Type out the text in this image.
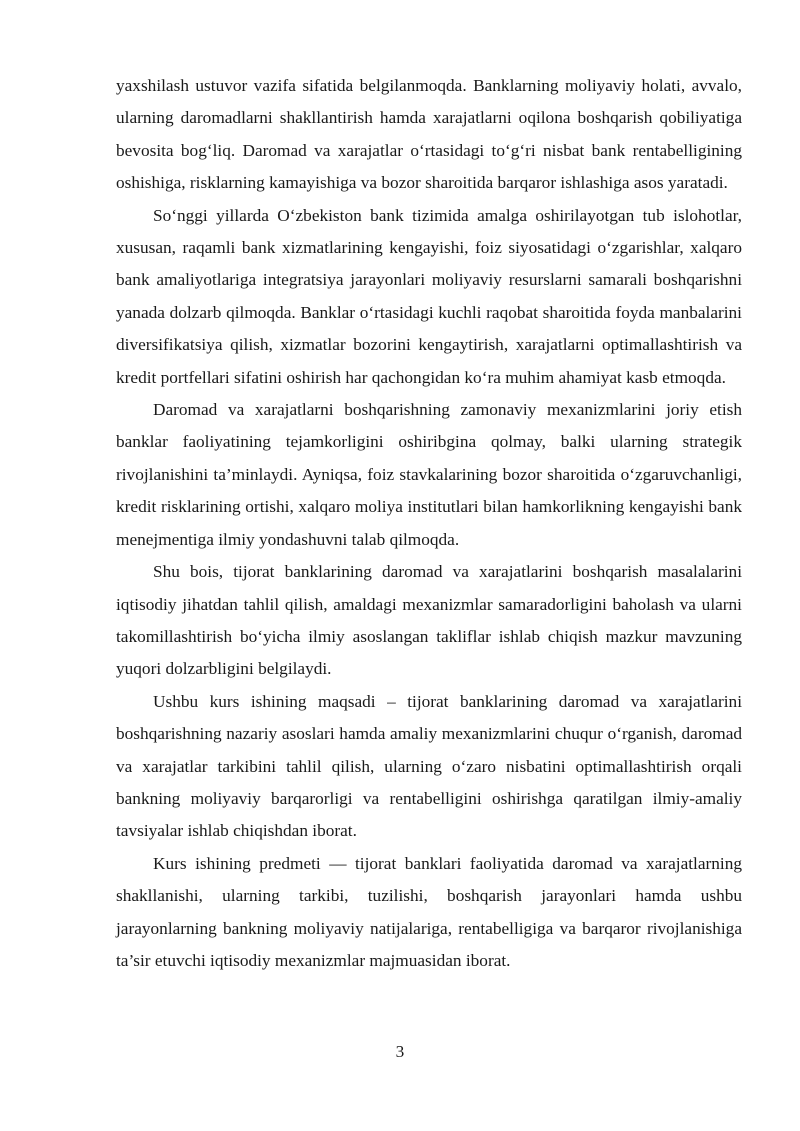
yaxshilash ustuvor vazifa sifatida belgilanmoqda. Banklarning moliyaviy holati, avvalo, ularning daromadlarni shakllantirish hamda xarajatlarni oqilona boshqarish qobiliyatiga bevosita bog‘liq. Daromad va xarajatlar o‘rtasidagi to‘g‘ri nisbat bank rentabelligining oshishiga, risklarning kamayishiga va bozor sharoitida barqaror ishlashiga asos yaratadi.

So‘nggi yillarda O‘zbekiston bank tizimida amalga oshirilayotgan tub islohotlar, xususan, raqamli bank xizmatlarining kengayishi, foiz siyosatidagi o‘zgarishlar, xalqaro bank amaliyotlariga integratsiya jarayonlari moliyaviy resurslarni samarali boshqarishni yanada dolzarb qilmoqda. Banklar o‘rtasidagi kuchli raqobat sharoitida foyda manbalarini diversifikatsiya qilish, xizmatlar bozorini kengaytirish, xarajatlarni optimallashtirish va kredit portfellari sifatini oshirish har qachongidan ko‘ra muhim ahamiyat kasb etmoqda.

Daromad va xarajatlarni boshqarishning zamonaviy mexanizmlarini joriy etish banklar faoliyatining tejamkorligini oshiribgina qolmay, balki ularning strategik rivojlanishini ta’minlaydi. Ayniqsa, foiz stavkalarining bozor sharoitida o‘zgaruvchanligi, kredit risklarining ortishi, xalqaro moliya institutlari bilan hamkorlikning kengayishi bank menejmentiga ilmiy yondashuvni talab qilmoqda.

Shu bois, tijorat banklarining daromad va xarajatlarini boshqarish masalalarini iqtisodiy jihatdan tahlil qilish, amaldagi mexanizmlar samaradorligini baholash va ularni takomillashtirish bo‘yicha ilmiy asoslangan takliflar ishlab chiqish mazkur mavzuning yuqori dolzarbligini belgilaydi.

Ushbu kurs ishining maqsadi – tijorat banklarining daromad va xarajatlarini boshqarishning nazariy asoslari hamda amaliy mexanizmlarini chuqur o‘rganish, daromad va xarajatlar tarkibini tahlil qilish, ularning o‘zaro nisbatini optimallashtirish orqali bankning moliyaviy barqarorligi va rentabelligini oshirishga qaratilgan ilmiy-amaliy tavsiyalar ishlab chiqishdan iborat.

Kurs ishining predmeti — tijorat banklari faoliyatida daromad va xarajatlarning shakllanishi, ularning tarkibi, tuzilishi, boshqarish jarayonlari hamda ushbu jarayonlarning bankning moliyaviy natijalariga, rentabelligiga va barqaror rivojlanishiga ta’sir etuvchi iqtisodiy mexanizmlar majmuasidan iborat.

3
